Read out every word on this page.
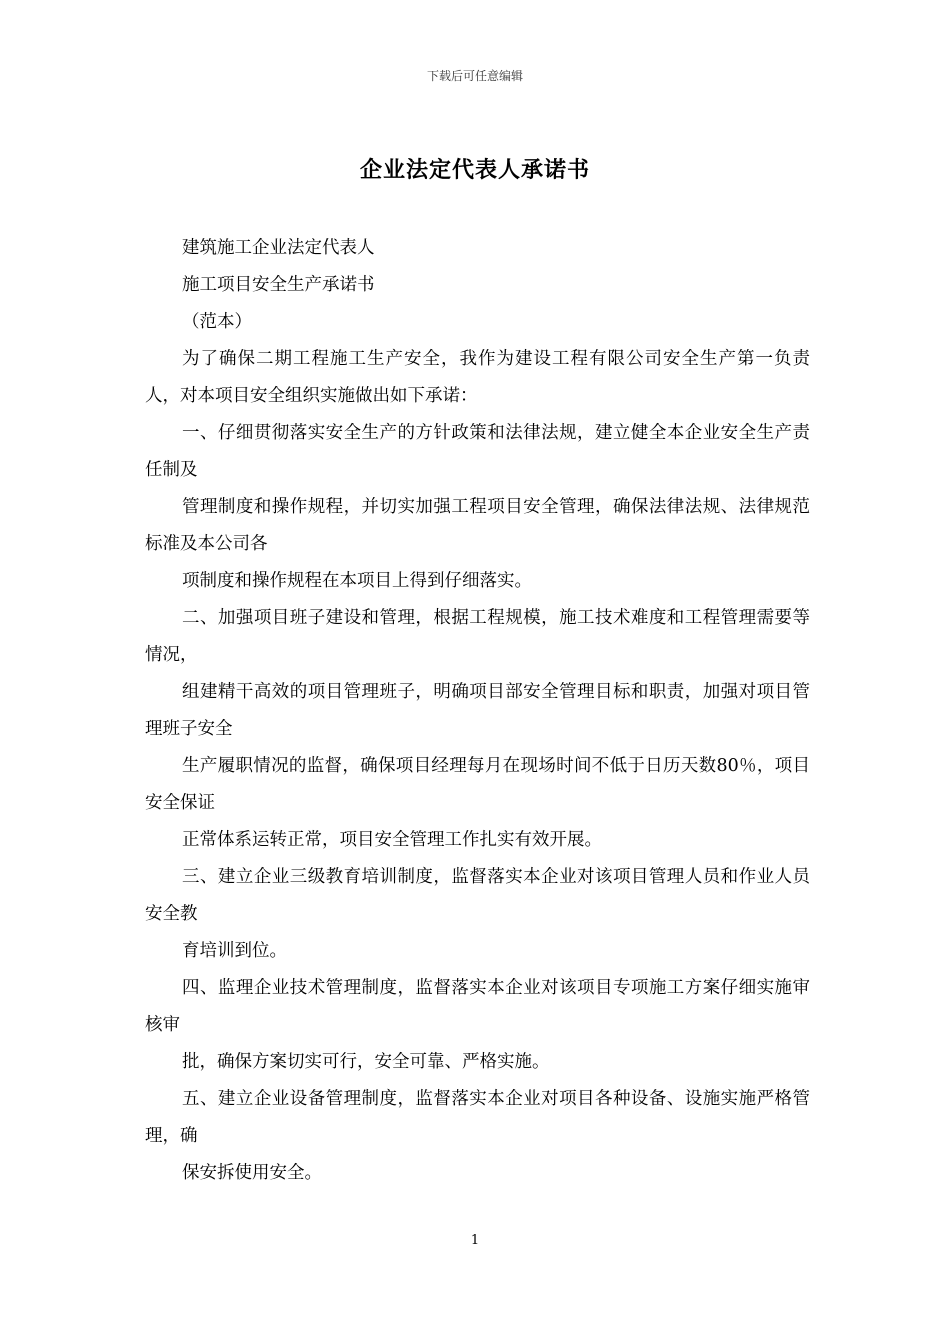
下载后可任意编辑
企业法定代表人承诺书

建筑施工企业法定代表人

施工项目安全生产承诺书

（范本）

为了确保二期工程施工生产安全，我作为建设工程有限公司安全生产第一负责人，对本项目安全组织实施做出如下承诺：

一、仔细贯彻落实安全生产的方针政策和法律法规，建立健全本企业安全生产责任制及

管理制度和操作规程，并切实加强工程项目安全管理，确保法律法规、法律规范标准及本公司各

项制度和操作规程在本项目上得到仔细落实。

二、加强项目班子建设和管理，根据工程规模，施工技术难度和工程管理需要等情况，

组建精干高效的项目管理班子，明确项目部安全管理目标和职责，加强对项目管理班子安全

生产履职情况的监督，确保项目经理每月在现场时间不低于日历天数80％，项目安全保证

正常体系运转正常，项目安全管理工作扎实有效开展。

三、建立企业三级教育培训制度，监督落实本企业对该项目管理人员和作业人员安全教

育培训到位。

四、监理企业技术管理制度，监督落实本企业对该项目专项施工方案仔细实施审核审

批，确保方案切实可行，安全可靠、严格实施。

五、建立企业设备管理制度，监督落实本企业对项目各种设备、设施实施严格管理，确

保安拆使用安全。

1
